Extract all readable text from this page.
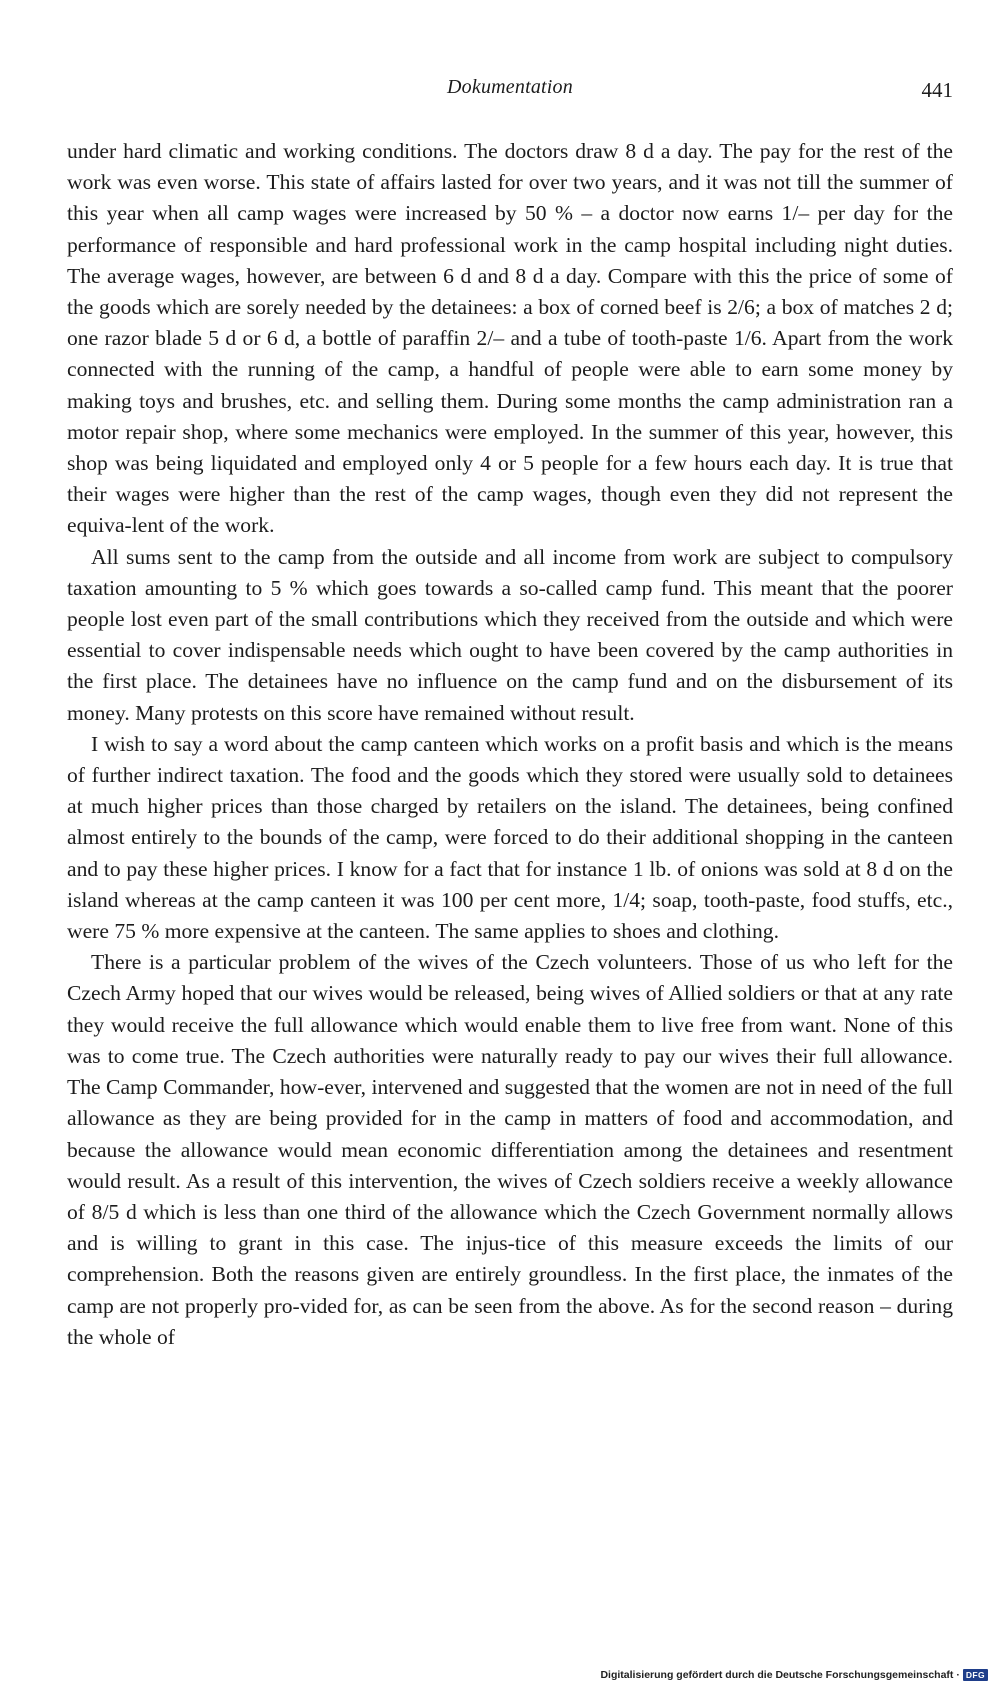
Dokumentation	441

under hard climatic and working conditions. The doctors draw 8 d a day. The pay for the rest of the work was even worse. This state of affairs lasted for over two years, and it was not till the summer of this year when all camp wages were increased by 50 % – a doctor now earns 1/– per day for the performance of responsible and hard professional work in the camp hospital including night duties. The average wages, however, are between 6 d and 8 d a day. Compare with this the price of some of the goods which are sorely needed by the detainees: a box of corned beef is 2/6; a box of matches 2 d; one razor blade 5 d or 6 d, a bottle of paraffin 2/– and a tube of tooth-paste 1/6. Apart from the work connected with the running of the camp, a handful of people were able to earn some money by making toys and brushes, etc. and selling them. During some months the camp administration ran a motor repair shop, where some mechanics were employed. In the summer of this year, however, this shop was being liquidated and employed only 4 or 5 people for a few hours each day. It is true that their wages were higher than the rest of the camp wages, though even they did not represent the equiva-lent of the work.

All sums sent to the camp from the outside and all income from work are subject to compulsory taxation amounting to 5 % which goes towards a so-called camp fund. This meant that the poorer people lost even part of the small contributions which they received from the outside and which were essential to cover indispensable needs which ought to have been covered by the camp authorities in the first place. The detainees have no influence on the camp fund and on the disbursement of its money. Many protests on this score have remained without result.

I wish to say a word about the camp canteen which works on a profit basis and which is the means of further indirect taxation. The food and the goods which they stored were usually sold to detainees at much higher prices than those charged by retailers on the island. The detainees, being confined almost entirely to the bounds of the camp, were forced to do their additional shopping in the canteen and to pay these higher prices. I know for a fact that for instance 1 lb. of onions was sold at 8 d on the island whereas at the camp canteen it was 100 per cent more, 1/4; soap, tooth-paste, food stuffs, etc., were 75 % more expensive at the canteen. The same applies to shoes and clothing.

There is a particular problem of the wives of the Czech volunteers. Those of us who left for the Czech Army hoped that our wives would be released, being wives of Allied soldiers or that at any rate they would receive the full allowance which would enable them to live free from want. None of this was to come true. The Czech authorities were naturally ready to pay our wives their full allowance. The Camp Commander, how-ever, intervened and suggested that the women are not in need of the full allowance as they are being provided for in the camp in matters of food and accommodation, and because the allowance would mean economic differentiation among the detainees and resentment would result. As a result of this intervention, the wives of Czech soldiers receive a weekly allowance of 8/5 d which is less than one third of the allowance which the Czech Government normally allows and is willing to grant in this case. The injus-tice of this measure exceeds the limits of our comprehension. Both the reasons given are entirely groundless. In the first place, the inmates of the camp are not properly pro-vided for, as can be seen from the above. As for the second reason – during the whole of

Digitalisierung gefördert durch die Deutsche Forschungsgemeinschaft · DFG
